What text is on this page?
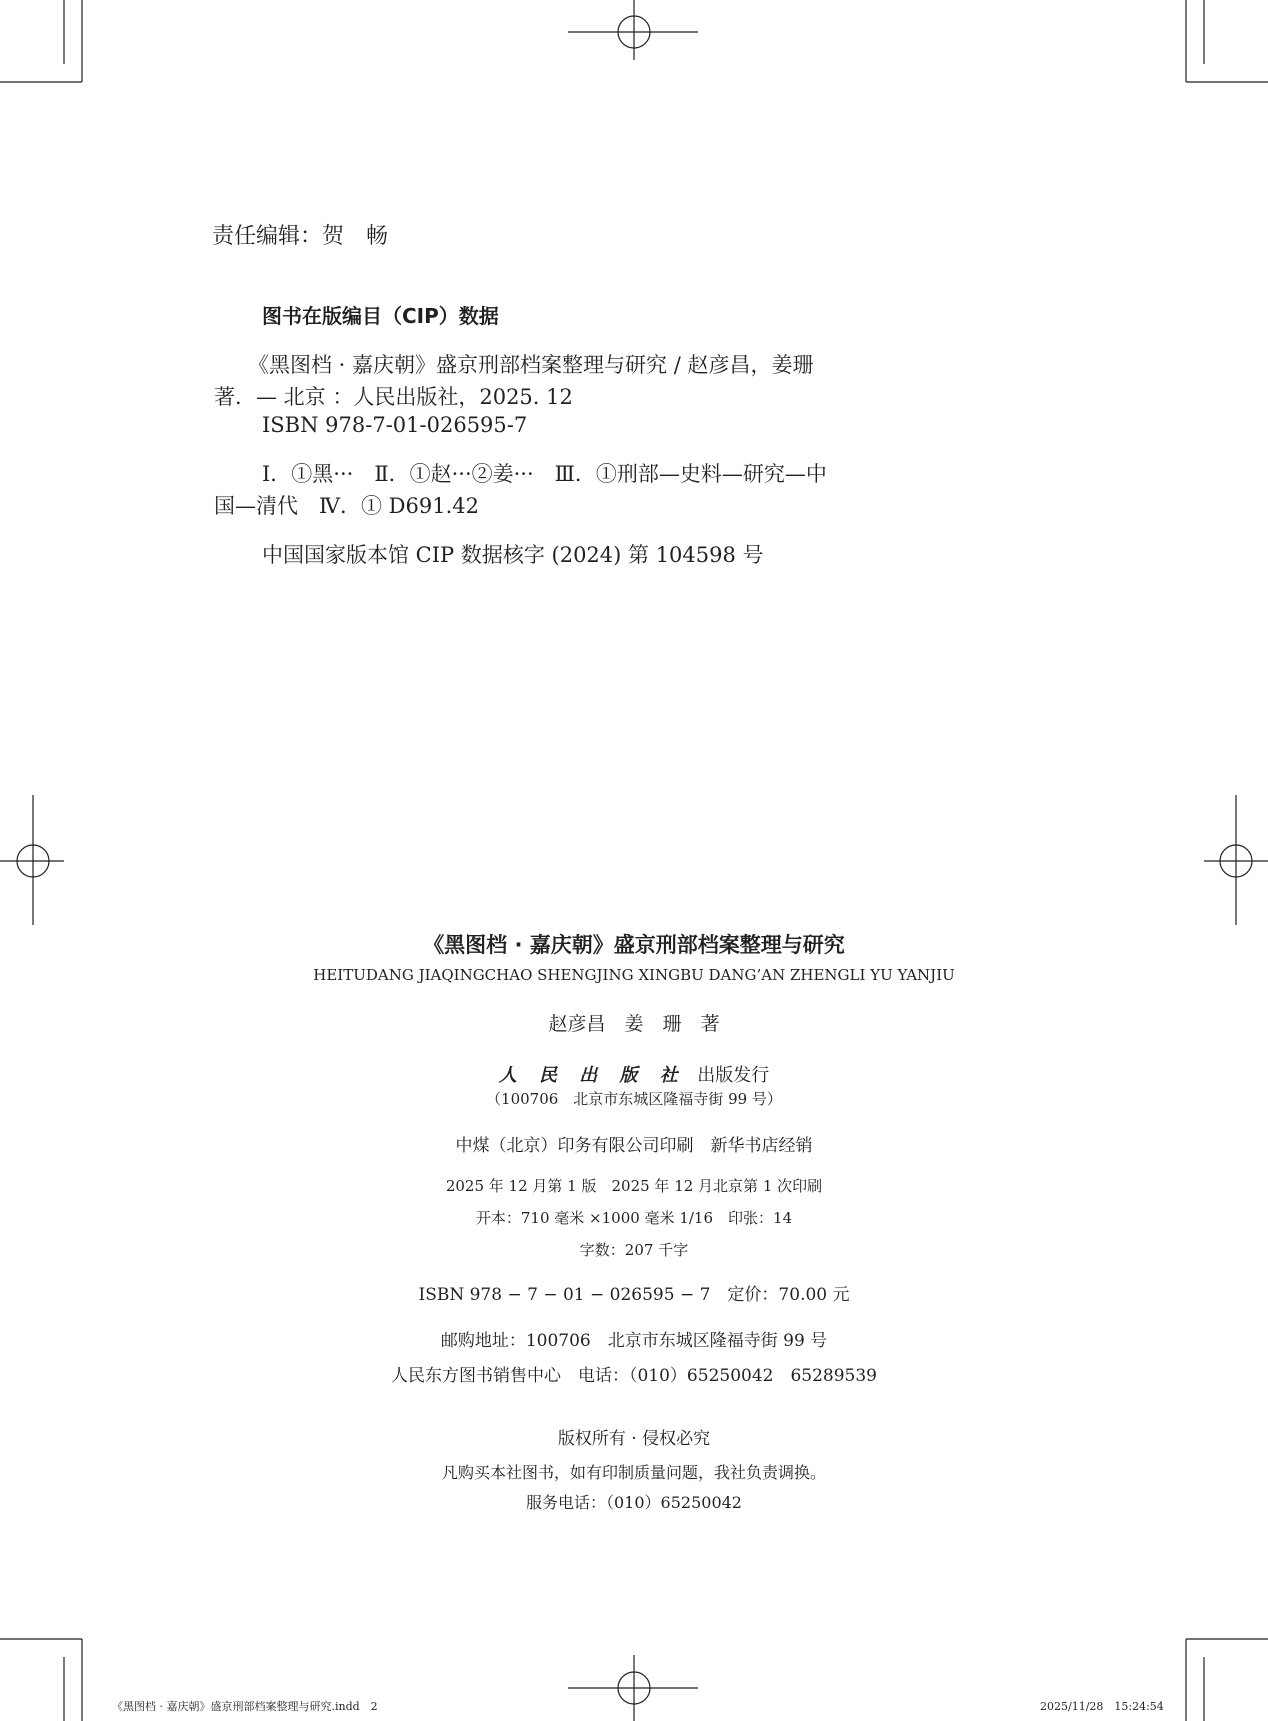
责任编辑：贺　畅
图书在版编目（CIP）数据
《黑图档 · 嘉庆朝》盛京刑部档案整理与研究 / 赵彦昌，姜珊
著．— 北京 ：人民出版社，2025. 12
ISBN 978-7-01-026595-7
Ⅰ．①黑···　Ⅱ．①赵···②姜···　Ⅲ．①刑部—史料—研究—中
国—清代　Ⅳ．① D691.42
中国国家版本馆 CIP 数据核字 (2024) 第 104598 号
《黑图档 · 嘉庆朝》盛京刑部档案整理与研究
HEITUDANG JIAQINGCHAO SHENGJING XINGBU DANG’AN ZHENGLI YU YANJIU
赵彦昌　姜　珊　著
人 民 出 版 社 出版发行
（100706　北京市东城区隆福寺街 99 号）
中煤（北京）印务有限公司印刷　新华书店经销
2025 年 12 月第 1 版　2025 年 12 月北京第 1 次印刷
开本：710 毫米 ×1000 毫米 1/16　印张：14
字数：207 千字
ISBN 978 − 7 − 01 − 026595 − 7　定价：70.00 元
邮购地址：100706　北京市东城区隆福寺街 99 号
人民东方图书销售中心　电话：（010）65250042　65289539
版权所有 · 侵权必究
凡购买本社图书，如有印制质量问题，我社负责调换。
服务电话：（010）65250042
《黑图档 · 嘉庆朝》盛京刑部档案整理与研究.indd　2	2025/11/28　15:24:54
